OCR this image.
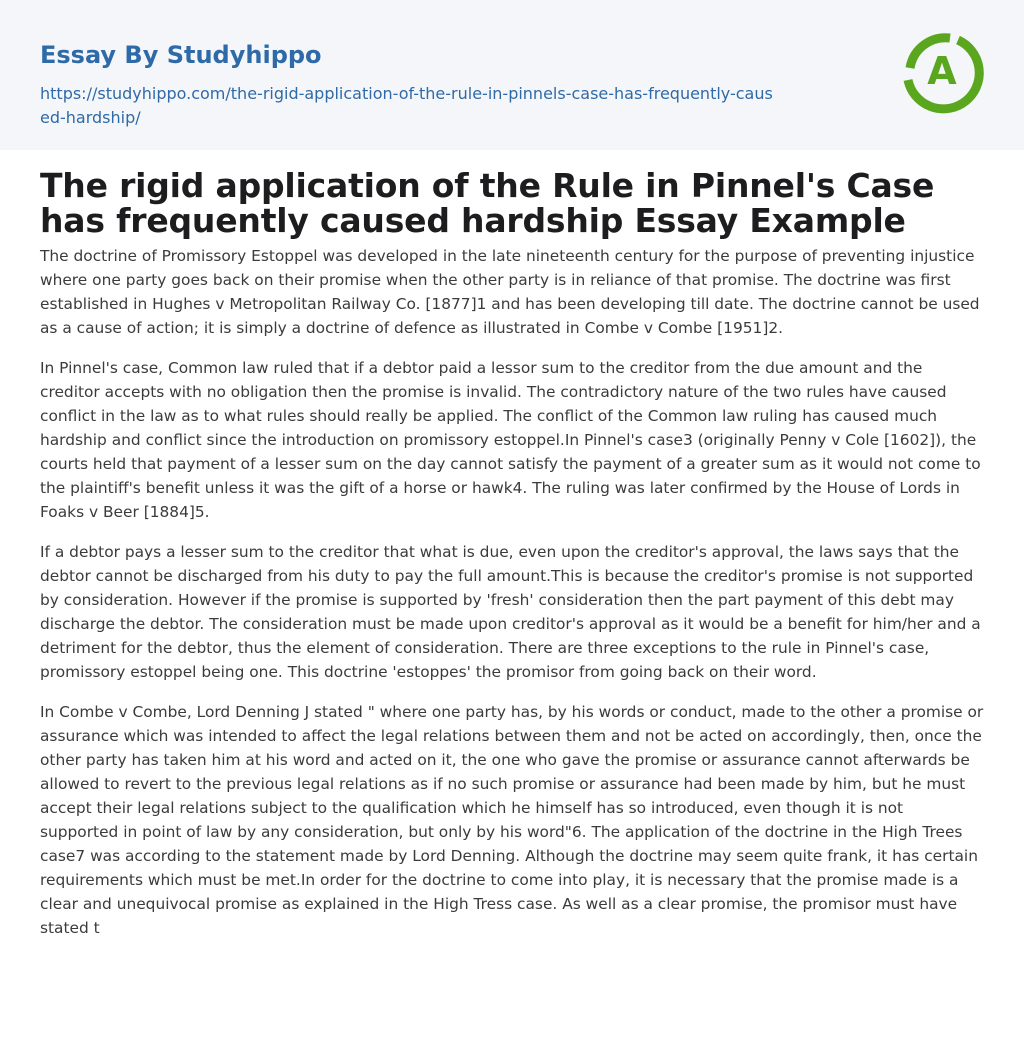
Essay By Studyhippo
https://studyhippo.com/the-rigid-application-of-the-rule-in-pinnels-case-has-frequently-caused-hardship/
A
The rigid application of the Rule in Pinnel's Case has frequently caused hardship Essay Example

The doctrine of Promissory Estoppel was developed in the late nineteenth century for the purpose of preventing injustice where one party goes back on their promise when the other party is in reliance of that promise. The doctrine was first established in Hughes v Metropolitan Railway Co. [1877]1 and has been developing till date. The doctrine cannot be used as a cause of action; it is simply a doctrine of defence as illustrated in Combe v Combe [1951]2.

In Pinnel's case, Common law ruled that if a debtor paid a lessor sum to the creditor from the due amount and the creditor accepts with no obligation then the promise is invalid. The contradictory nature of the two rules have caused conflict in the law as to what rules should really be applied. The conflict of the Common law ruling has caused much hardship and conflict since the introduction on promissory estoppel.In Pinnel's case3 (originally Penny v Cole [1602]), the courts held that payment of a lesser sum on the day cannot satisfy the payment of a greater sum as it would not come to the plaintiff's benefit unless it was the gift of a horse or hawk4. The ruling was later confirmed by the House of Lords in Foaks v Beer [1884]5.

If a debtor pays a lesser sum to the creditor that what is due, even upon the creditor's approval, the laws says that the debtor cannot be discharged from his duty to pay the full amount.This is because the creditor's promise is not supported by consideration. However if the promise is supported by 'fresh' consideration then the part payment of this debt may discharge the debtor. The consideration must be made upon creditor's approval as it would be a benefit for him/her and a detriment for the debtor, thus the element of consideration. There are three exceptions to the rule in Pinnel's case, promissory estoppel being one. This doctrine 'estoppes' the promisor from going back on their word.

In Combe v Combe, Lord Denning J stated " where one party has, by his words or conduct, made to the other a promise or assurance which was intended to affect the legal relations between them and not be acted on accordingly, then, once the other party has taken him at his word and acted on it, the one who gave the promise or assurance cannot afterwards be allowed to revert to the previous legal relations as if no such promise or assurance had been made by him, but he must accept their legal relations subject to the qualification which he himself has so introduced, even though it is not supported in point of law by any consideration, but only by his word"6. The application of the doctrine in the High Trees case7 was according to the statement made by Lord Denning. Although the doctrine may seem quite frank, it has certain requirements which must be met.In order for the doctrine to come into play, it is necessary that the promise made is a clear and unequivocal promise as explained in the High Tress case. As well as a clear promise, the promisor must have stated t
